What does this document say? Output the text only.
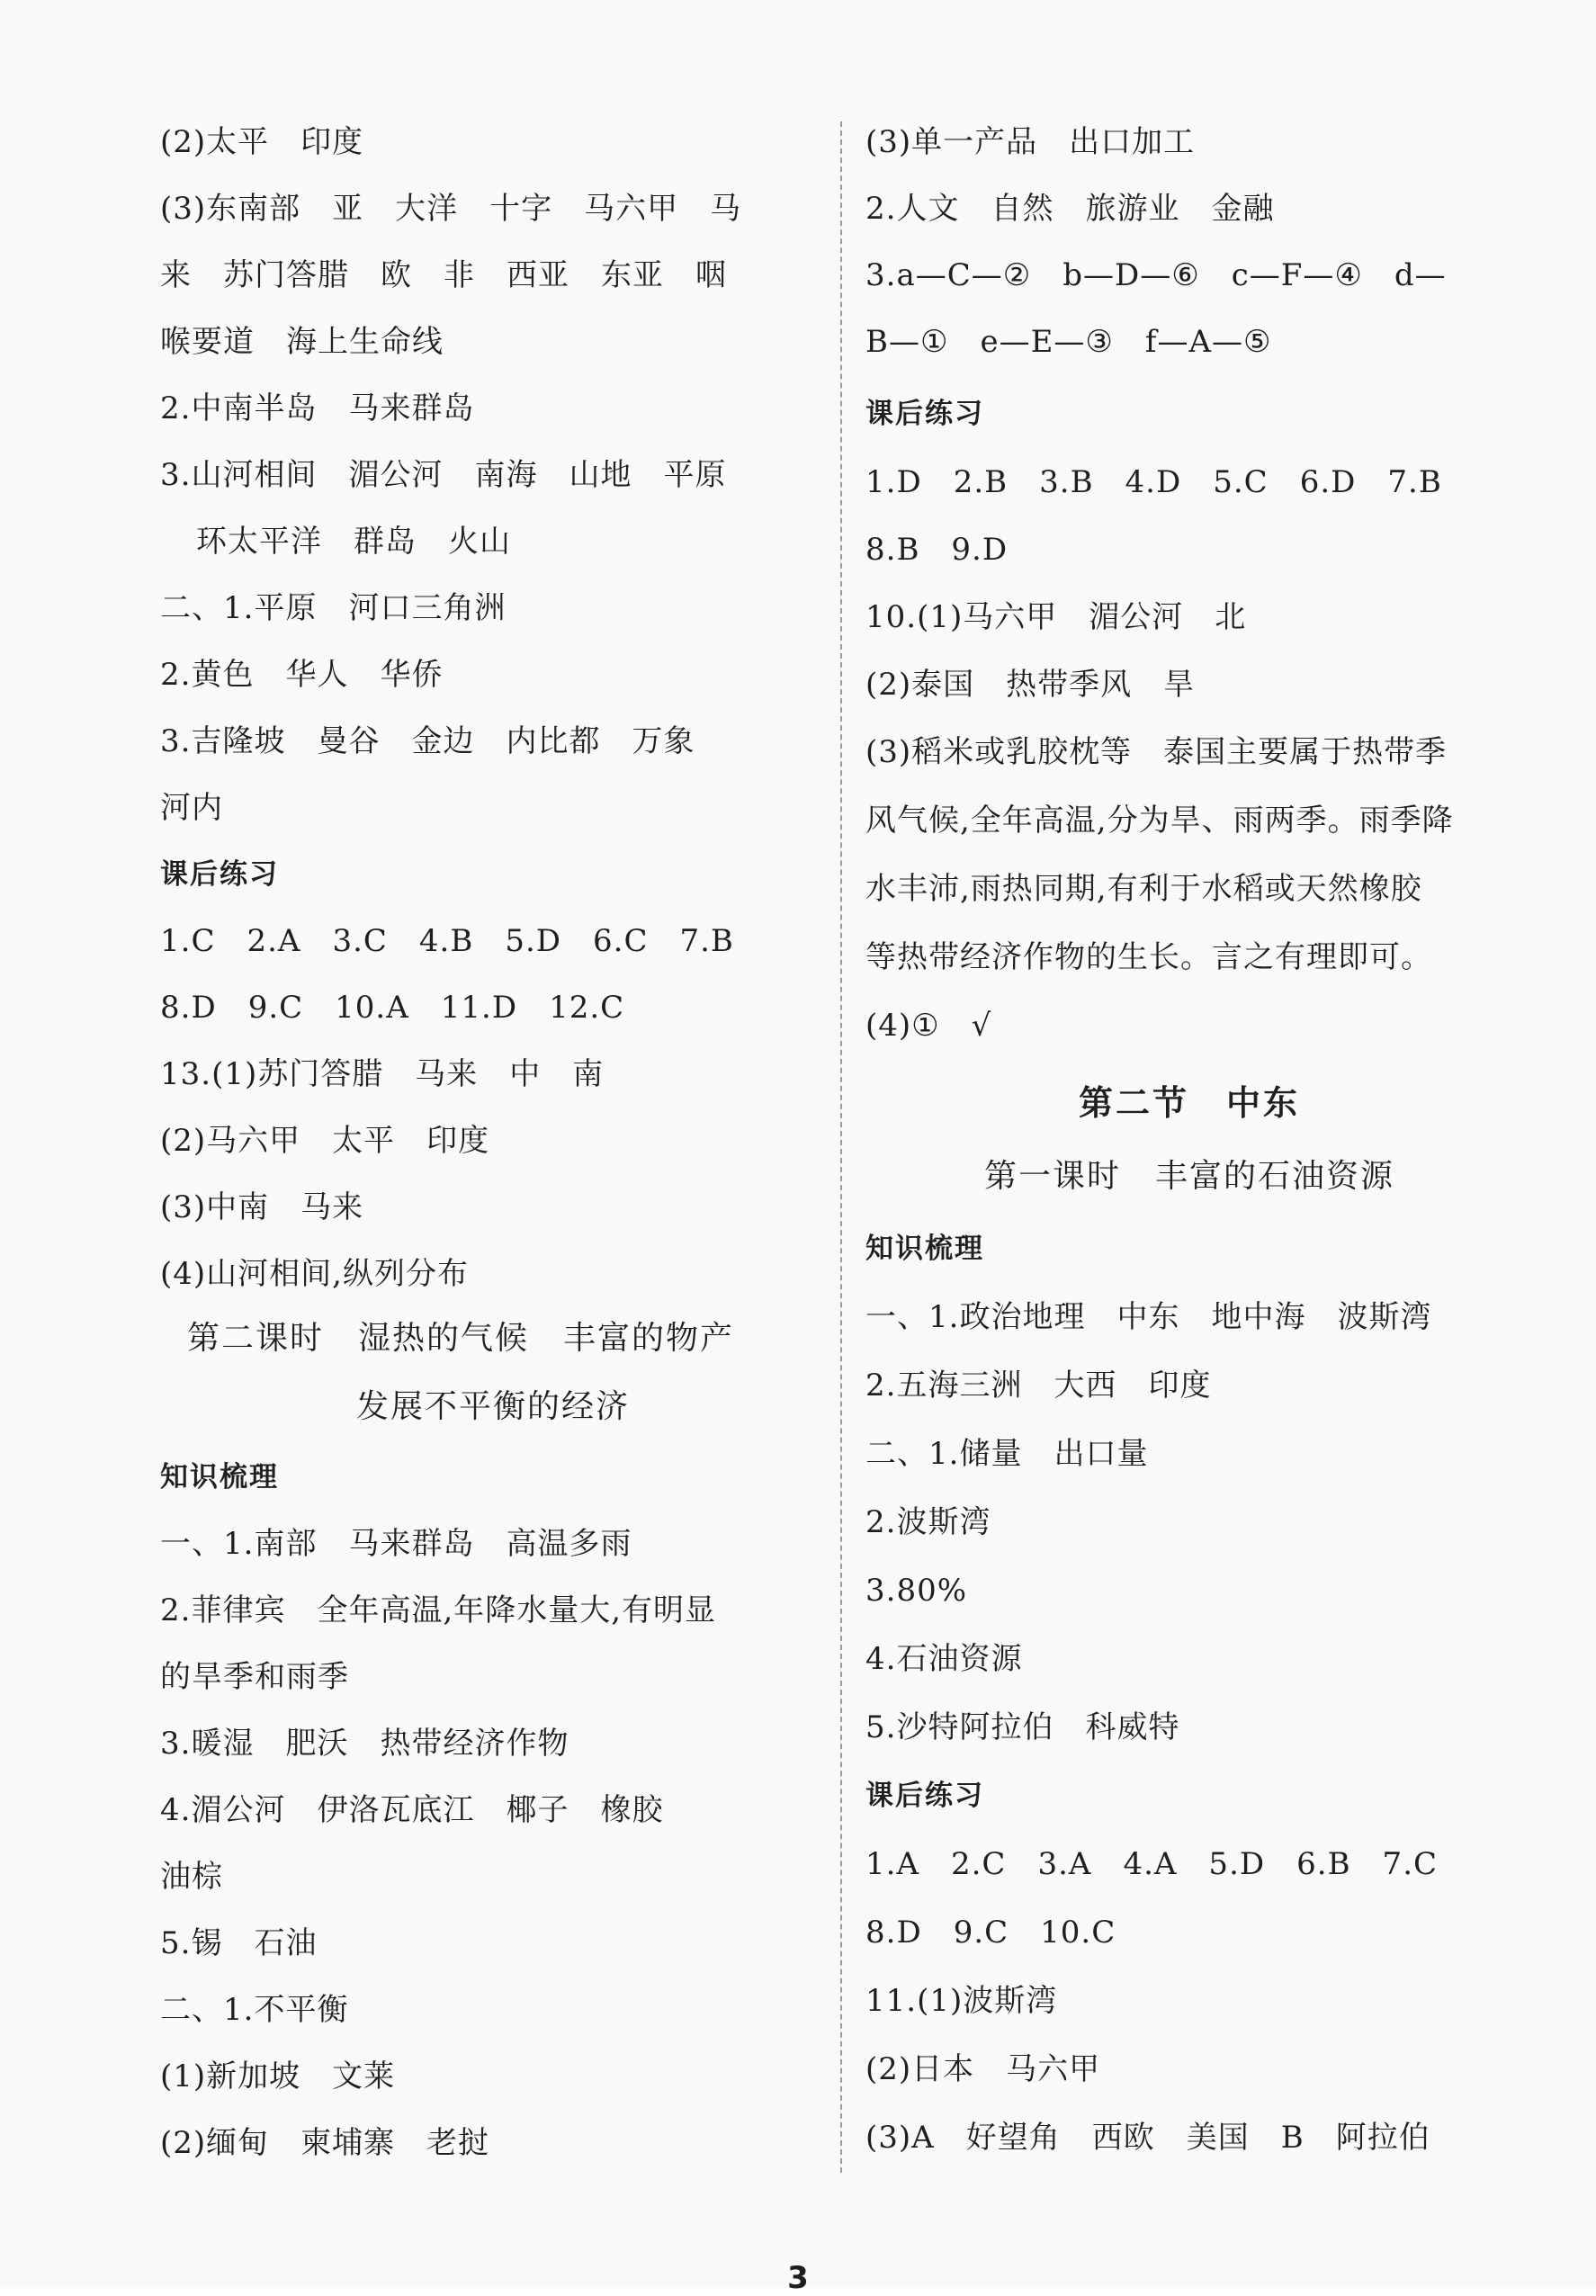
(2)太平　印度
(3)东南部　亚　大洋　十字　马六甲　马
来　苏门答腊　欧　非　西亚　东亚　咽
喉要道　海上生命线
2.中南半岛　马来群岛
3.山河相间　湄公河　南海　山地　平原
环太平洋　群岛　火山
二、1.平原　河口三角洲
2.黄色　华人　华侨
3.吉隆坡　曼谷　金边　内比都　万象
河内
课后练习
1.C　2.A　3.C　4.B　5.D　6.C　7.B
8.D　9.C　10.A　11.D　12.C
13.(1)苏门答腊　马来　中　南
(2)马六甲　太平　印度
(3)中南　马来
(4)山河相间,纵列分布
第二课时　湿热的气候　丰富的物产
发展不平衡的经济
知识梳理
一、1.南部　马来群岛　高温多雨
2.菲律宾　全年高温,年降水量大,有明显
的旱季和雨季
3.暖湿　肥沃　热带经济作物
4.湄公河　伊洛瓦底江　椰子　橡胶
油棕
5.锡　石油
二、1.不平衡
(1)新加坡　文莱
(2)缅甸　柬埔寨　老挝
(3)单一产品　出口加工
2.人文　自然　旅游业　金融
3.a—C—②　b—D—⑥　c—F—④　d—
B—①　e—E—③　f—A—⑤
课后练习
1.D　2.B　3.B　4.D　5.C　6.D　7.B
8.B　9.D
10.(1)马六甲　湄公河　北
(2)泰国　热带季风　旱
(3)稻米或乳胶枕等　泰国主要属于热带季
风气候,全年高温,分为旱、雨两季。雨季降
水丰沛,雨热同期,有利于水稻或天然橡胶
等热带经济作物的生长。言之有理即可。
(4)①　√
第二节　中东
第一课时　丰富的石油资源
知识梳理
一、1.政治地理　中东　地中海　波斯湾
2.五海三洲　大西　印度
二、1.储量　出口量
2.波斯湾
3.80%
4.石油资源
5.沙特阿拉伯　科威特
课后练习
1.A　2.C　3.A　4.A　5.D　6.B　7.C
8.D　9.C　10.C
11.(1)波斯湾
(2)日本　马六甲
(3)A　好望角　西欧　美国　B　阿拉伯
3
